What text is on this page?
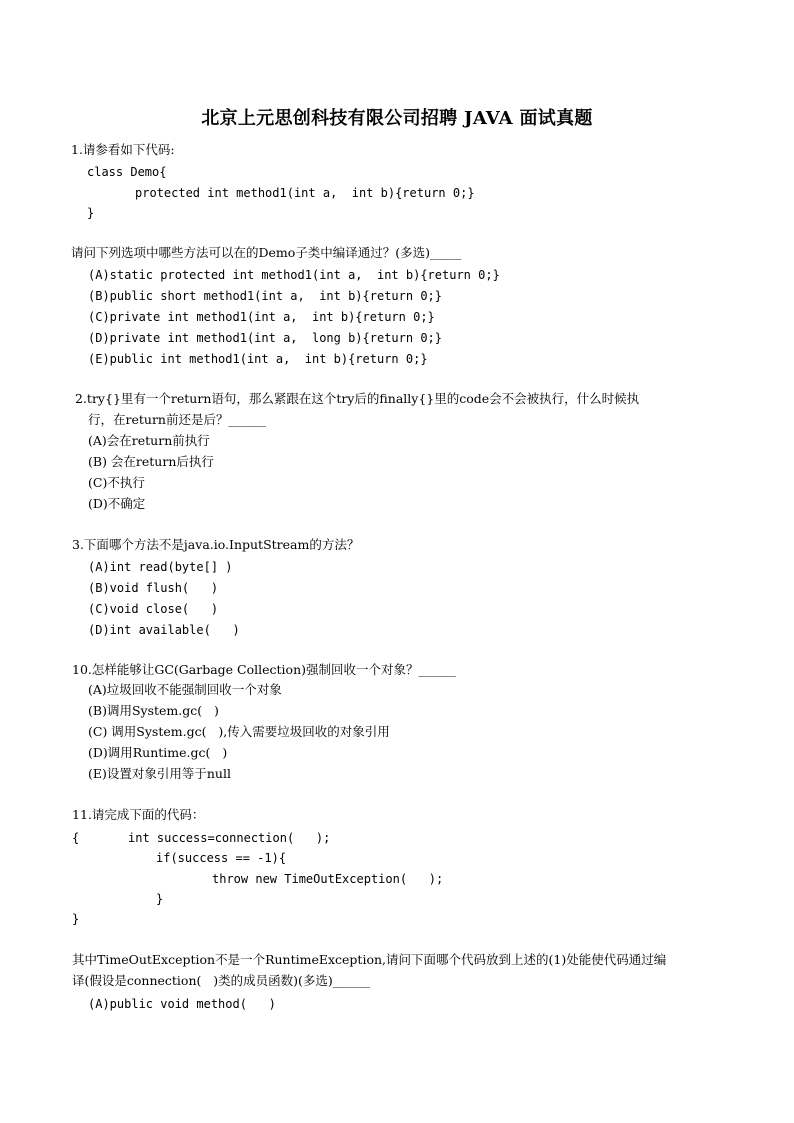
北京上元思创科技有限公司招聘 JAVA 面试真题
1.请参看如下代码:
class Demo{
protected int method1(int a,  int b){return 0;}
}
请问下列选项中哪些方法可以在的Demo子类中编译通过？(多选)_____
(A)static protected int method1(int a,  int b){return 0;}
(B)public short method1(int a,  int b){return 0;}
(C)private int method1(int a,  int b){return 0;}
(D)private int method1(int a,  long b){return 0;}
(E)public int method1(int a,  int b){return 0;}
2.try{}里有一个return语句，那么紧跟在这个try后的finally{}里的code会不会被执行，什么时候执
行，在return前还是后？______
(A)会在return前执行
(B) 会在return后执行
(C)不执行
(D)不确定
3.下面哪个方法不是java.io.InputStream的方法？
(A)int read(byte[] )
(B)void flush(   )
(C)void close(   )
(D)int available(   )
10.怎样能够让GC(Garbage Collection)强制回收一个对象？______
(A)垃圾回收不能强制回收一个对象
(B)调用System.gc(   )
(C) 调用System.gc(   ),传入需要垃圾回收的对象引用
(D)调用Runtime.gc(   )
(E)设置对象引用等于null
11.请完成下面的代码：
{	int success=connection(   );
if(success == -1){
throw new TimeOutException(   );
}
}
其中TimeOutException不是一个RuntimeException,请问下面哪个代码放到上述的(1)处能使代码通过编
译(假设是connection(   )类的成员函数)(多选)______
(A)public void method(   )
